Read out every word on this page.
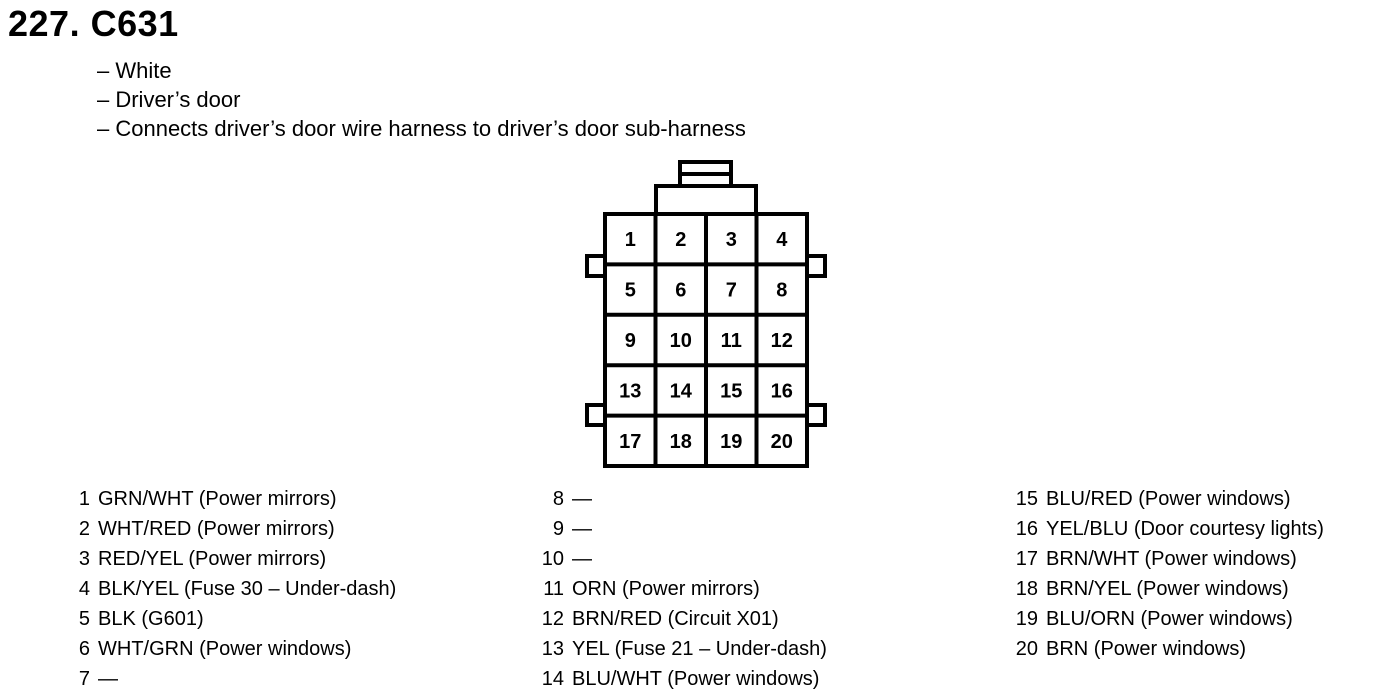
227. C631
– White
– Driver’s door
– Connects driver’s door wire harness to driver’s door sub-harness
1 2 3 4
5 6 7 8
9 10 11 12
13 14 15 16
17 18 19 20
1 GRN/WHT (Power mirrors)
2 WHT/RED (Power mirrors)
3 RED/YEL (Power mirrors)
4 BLK/YEL (Fuse 30 – Under-dash)
5 BLK (G601)
6 WHT/GRN (Power windows)
7 —
8 —
9 —
10 —
11 ORN (Power mirrors)
12 BRN/RED (Circuit X01)
13 YEL (Fuse 21 – Under-dash)
14 BLU/WHT (Power windows)
15 BLU/RED (Power windows)
16 YEL/BLU (Door courtesy lights)
17 BRN/WHT (Power windows)
18 BRN/YEL (Power windows)
19 BLU/ORN (Power windows)
20 BRN (Power windows)
